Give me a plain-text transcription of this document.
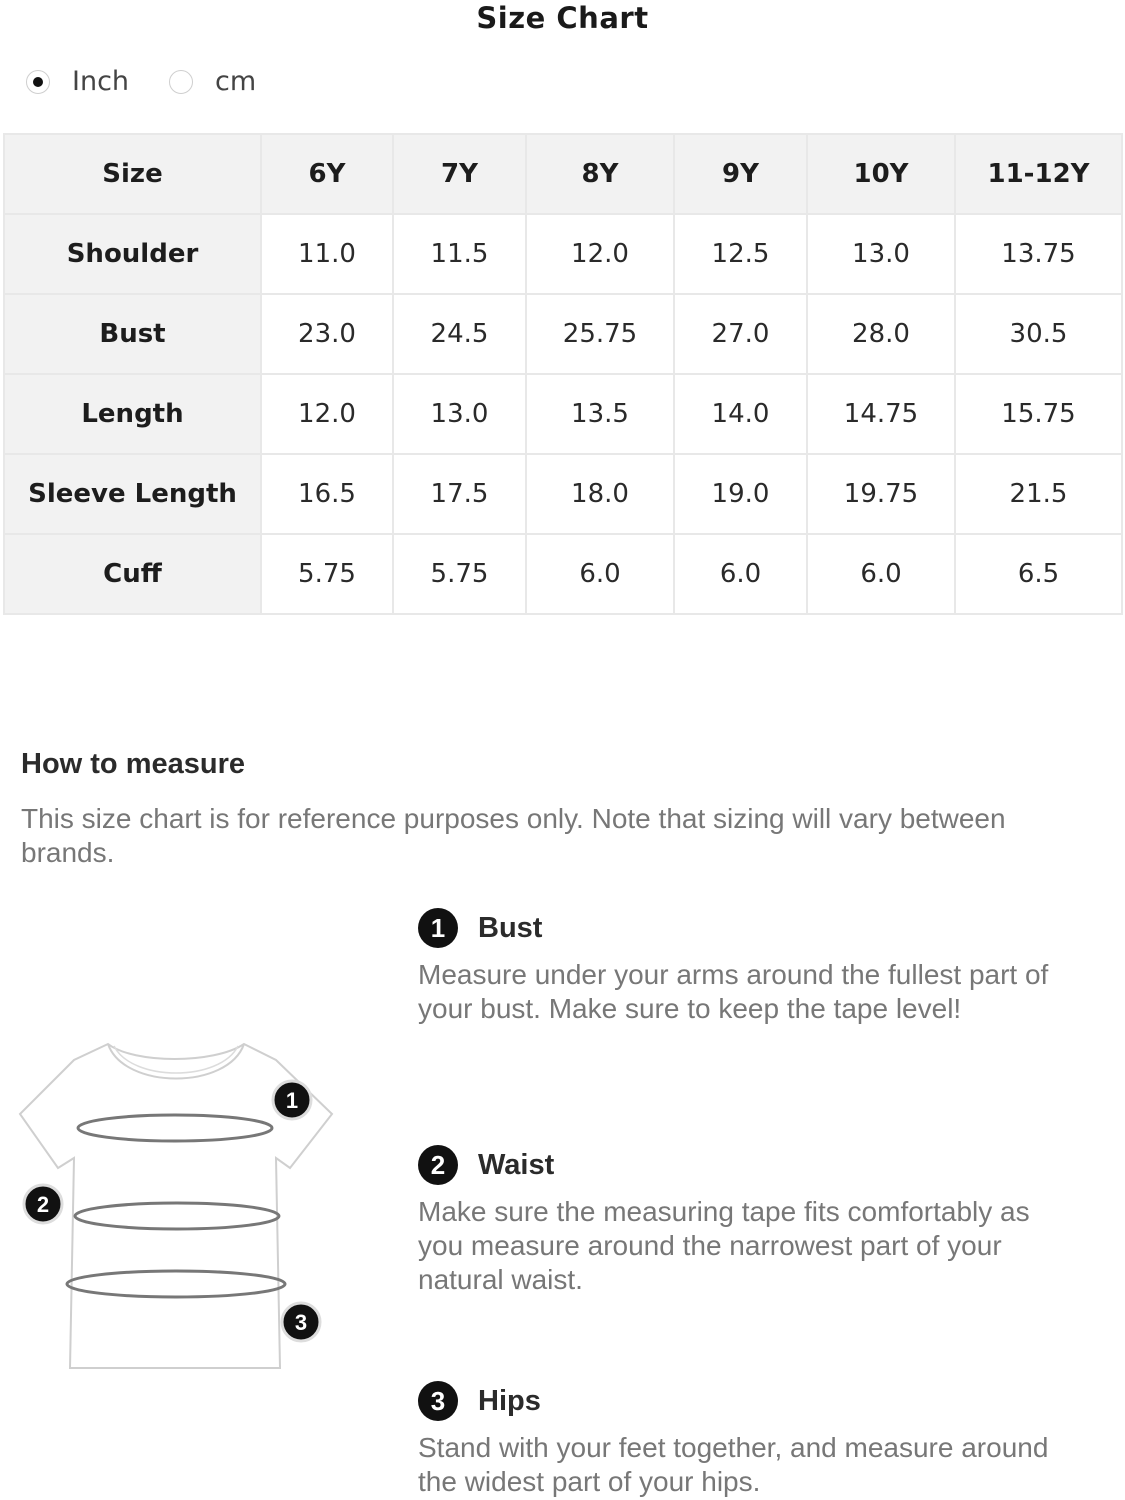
Size Chart
Inch	cm
Size	6Y	7Y	8Y	9Y	10Y	11-12Y
Shoulder	11.0	11.5	12.0	12.5	13.0	13.75
Bust	23.0	24.5	25.75	27.0	28.0	30.5
Length	12.0	13.0	13.5	14.0	14.75	15.75
Sleeve Length	16.5	17.5	18.0	19.0	19.75	21.5
Cuff	5.75	5.75	6.0	6.0	6.0	6.5
How to measure
This size chart is for reference purposes only. Note that sizing will vary between brands.
1
2
3
1	Bust
Measure under your arms around the fullest part of your bust. Make sure to keep the tape level!
2	Waist
Make sure the measuring tape fits comfortably as you measure around the narrowest part of your natural waist.
3	Hips
Stand with your feet together, and measure around the widest part of your hips.
